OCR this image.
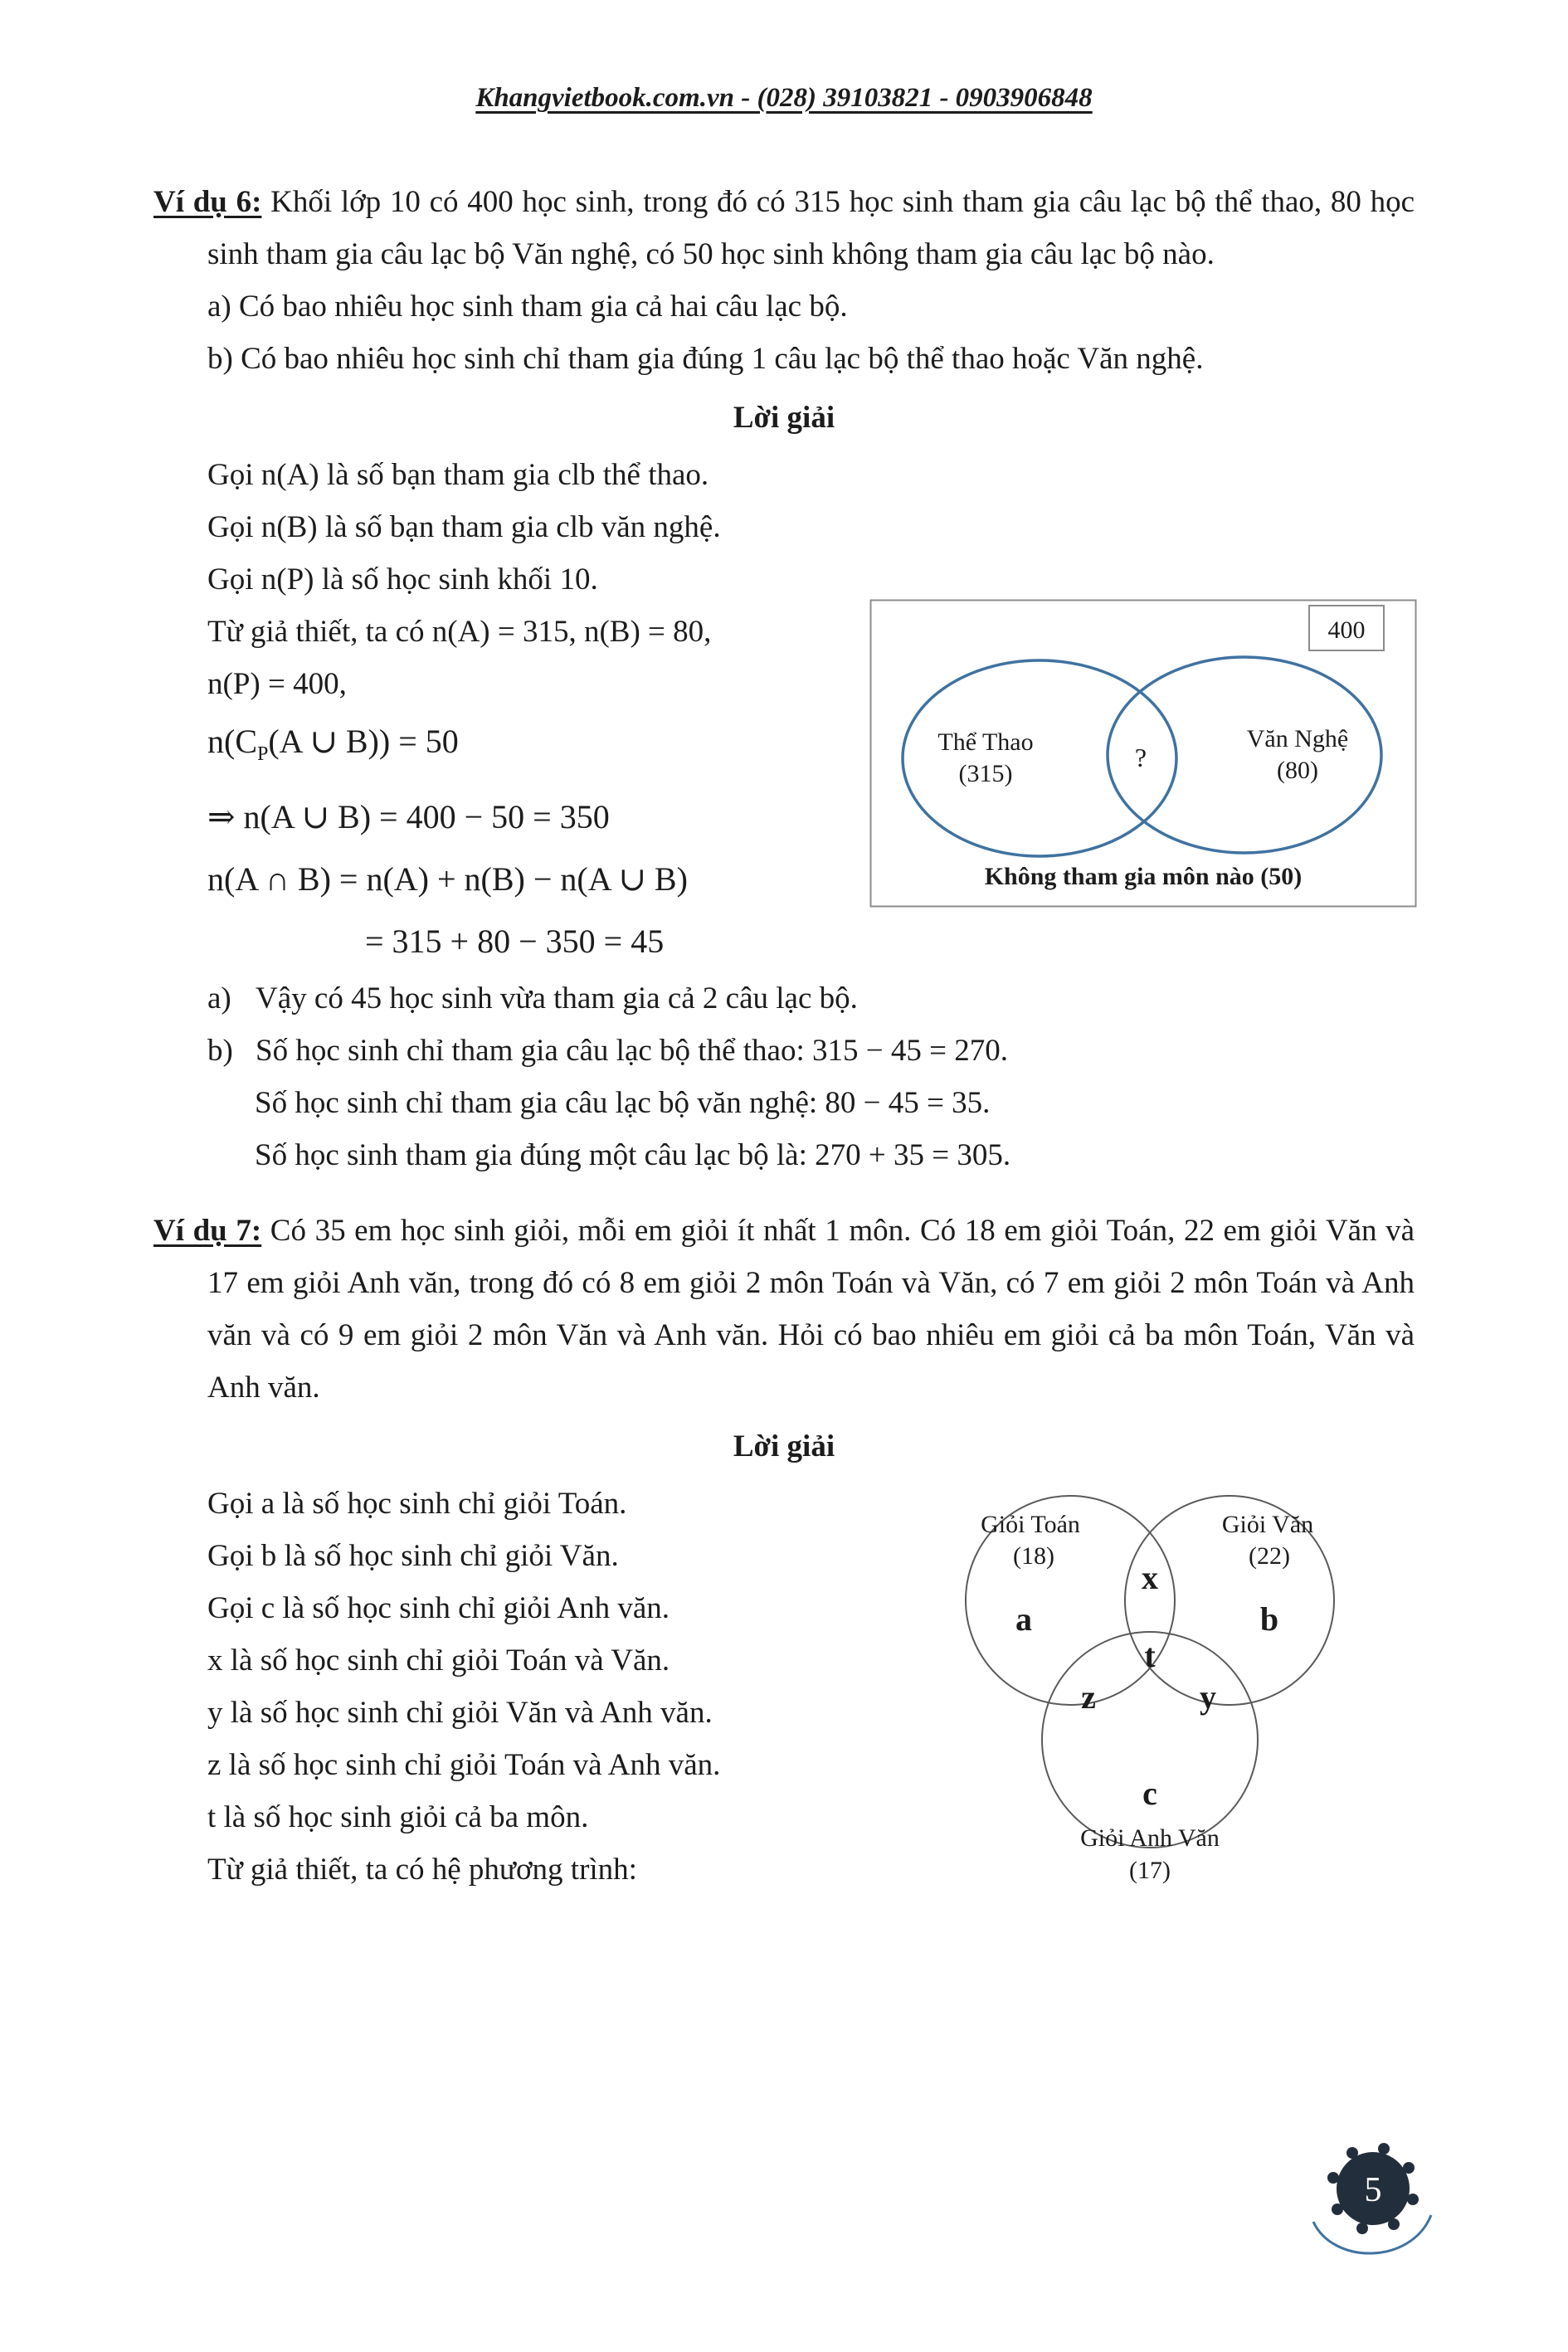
Khangvietbook.com.vn - (028) 39103821 - 0903906848

Ví dụ 6: Khối lớp 10 có 400 học sinh, trong đó có 315 học sinh tham gia câu lạc bộ thể thao, 80 học sinh tham gia câu lạc bộ Văn nghệ, có 50 học sinh không tham gia câu lạc bộ nào.

a) Có bao nhiêu học sinh tham gia cả hai câu lạc bộ.
b) Có bao nhiêu học sinh chỉ tham gia đúng 1 câu lạc bộ thể thao hoặc Văn nghệ.
Lời giải
Gọi n(A) là số bạn tham gia clb thể thao.
Gọi n(B) là số bạn tham gia clb văn nghệ.
Gọi n(P) là số học sinh khối 10.
Từ giả thiết, ta có n(A) = 315, n(B) = 80,
n(P) = 400,
$n(C_P(A$ ∪ B)) = 50
⇒ n(A ∪ B) = 400 − 50 = 350
n(A ∩ B) = n(A) + n(B) − n(A ∪ B)
= 315 + 80 − 350 = 45
400
Thể Thao
(315)
?
Văn Nghệ
(80)
Không tham gia môn nào (50)
a) Vậy có 45 học sinh vừa tham gia cả 2 câu lạc bộ.
b) Số học sinh chỉ tham gia câu lạc bộ thể thao: 315 − 45 = 270.
Số học sinh chỉ tham gia câu lạc bộ văn nghệ: 80 − 45 = 35.
Số học sinh tham gia đúng một câu lạc bộ là: 270 + 35 = 305.

Ví dụ 7: Có 35 em học sinh giỏi, mỗi em giỏi ít nhất 1 môn. Có 18 em giỏi Toán, 22 em giỏi Văn và 17 em giỏi Anh văn, trong đó có 8 em giỏi 2 môn Toán và Văn, có 7 em giỏi 2 môn Toán và Anh văn và có 9 em giỏi 2 môn Văn và Anh văn. Hỏi có bao nhiêu em giỏi cả ba môn Toán, Văn và Anh văn.

Lời giải
Gọi a là số học sinh chỉ giỏi Toán.
Gọi b là số học sinh chỉ giỏi Văn.
Gọi c là số học sinh chỉ giỏi Anh văn.
x là số học sinh chỉ giỏi Toán và Văn.
y là số học sinh chỉ giỏi Văn và Anh văn.
z là số học sinh chỉ giỏi Toán và Anh văn.
t là số học sinh giỏi cả ba môn.
Từ giả thiết, ta có hệ phương trình:
Giỏi Toán
(18)
Giỏi Văn
(22)
a
x
b
t
z	y
c
Giỏi Anh Văn
(17)
5
